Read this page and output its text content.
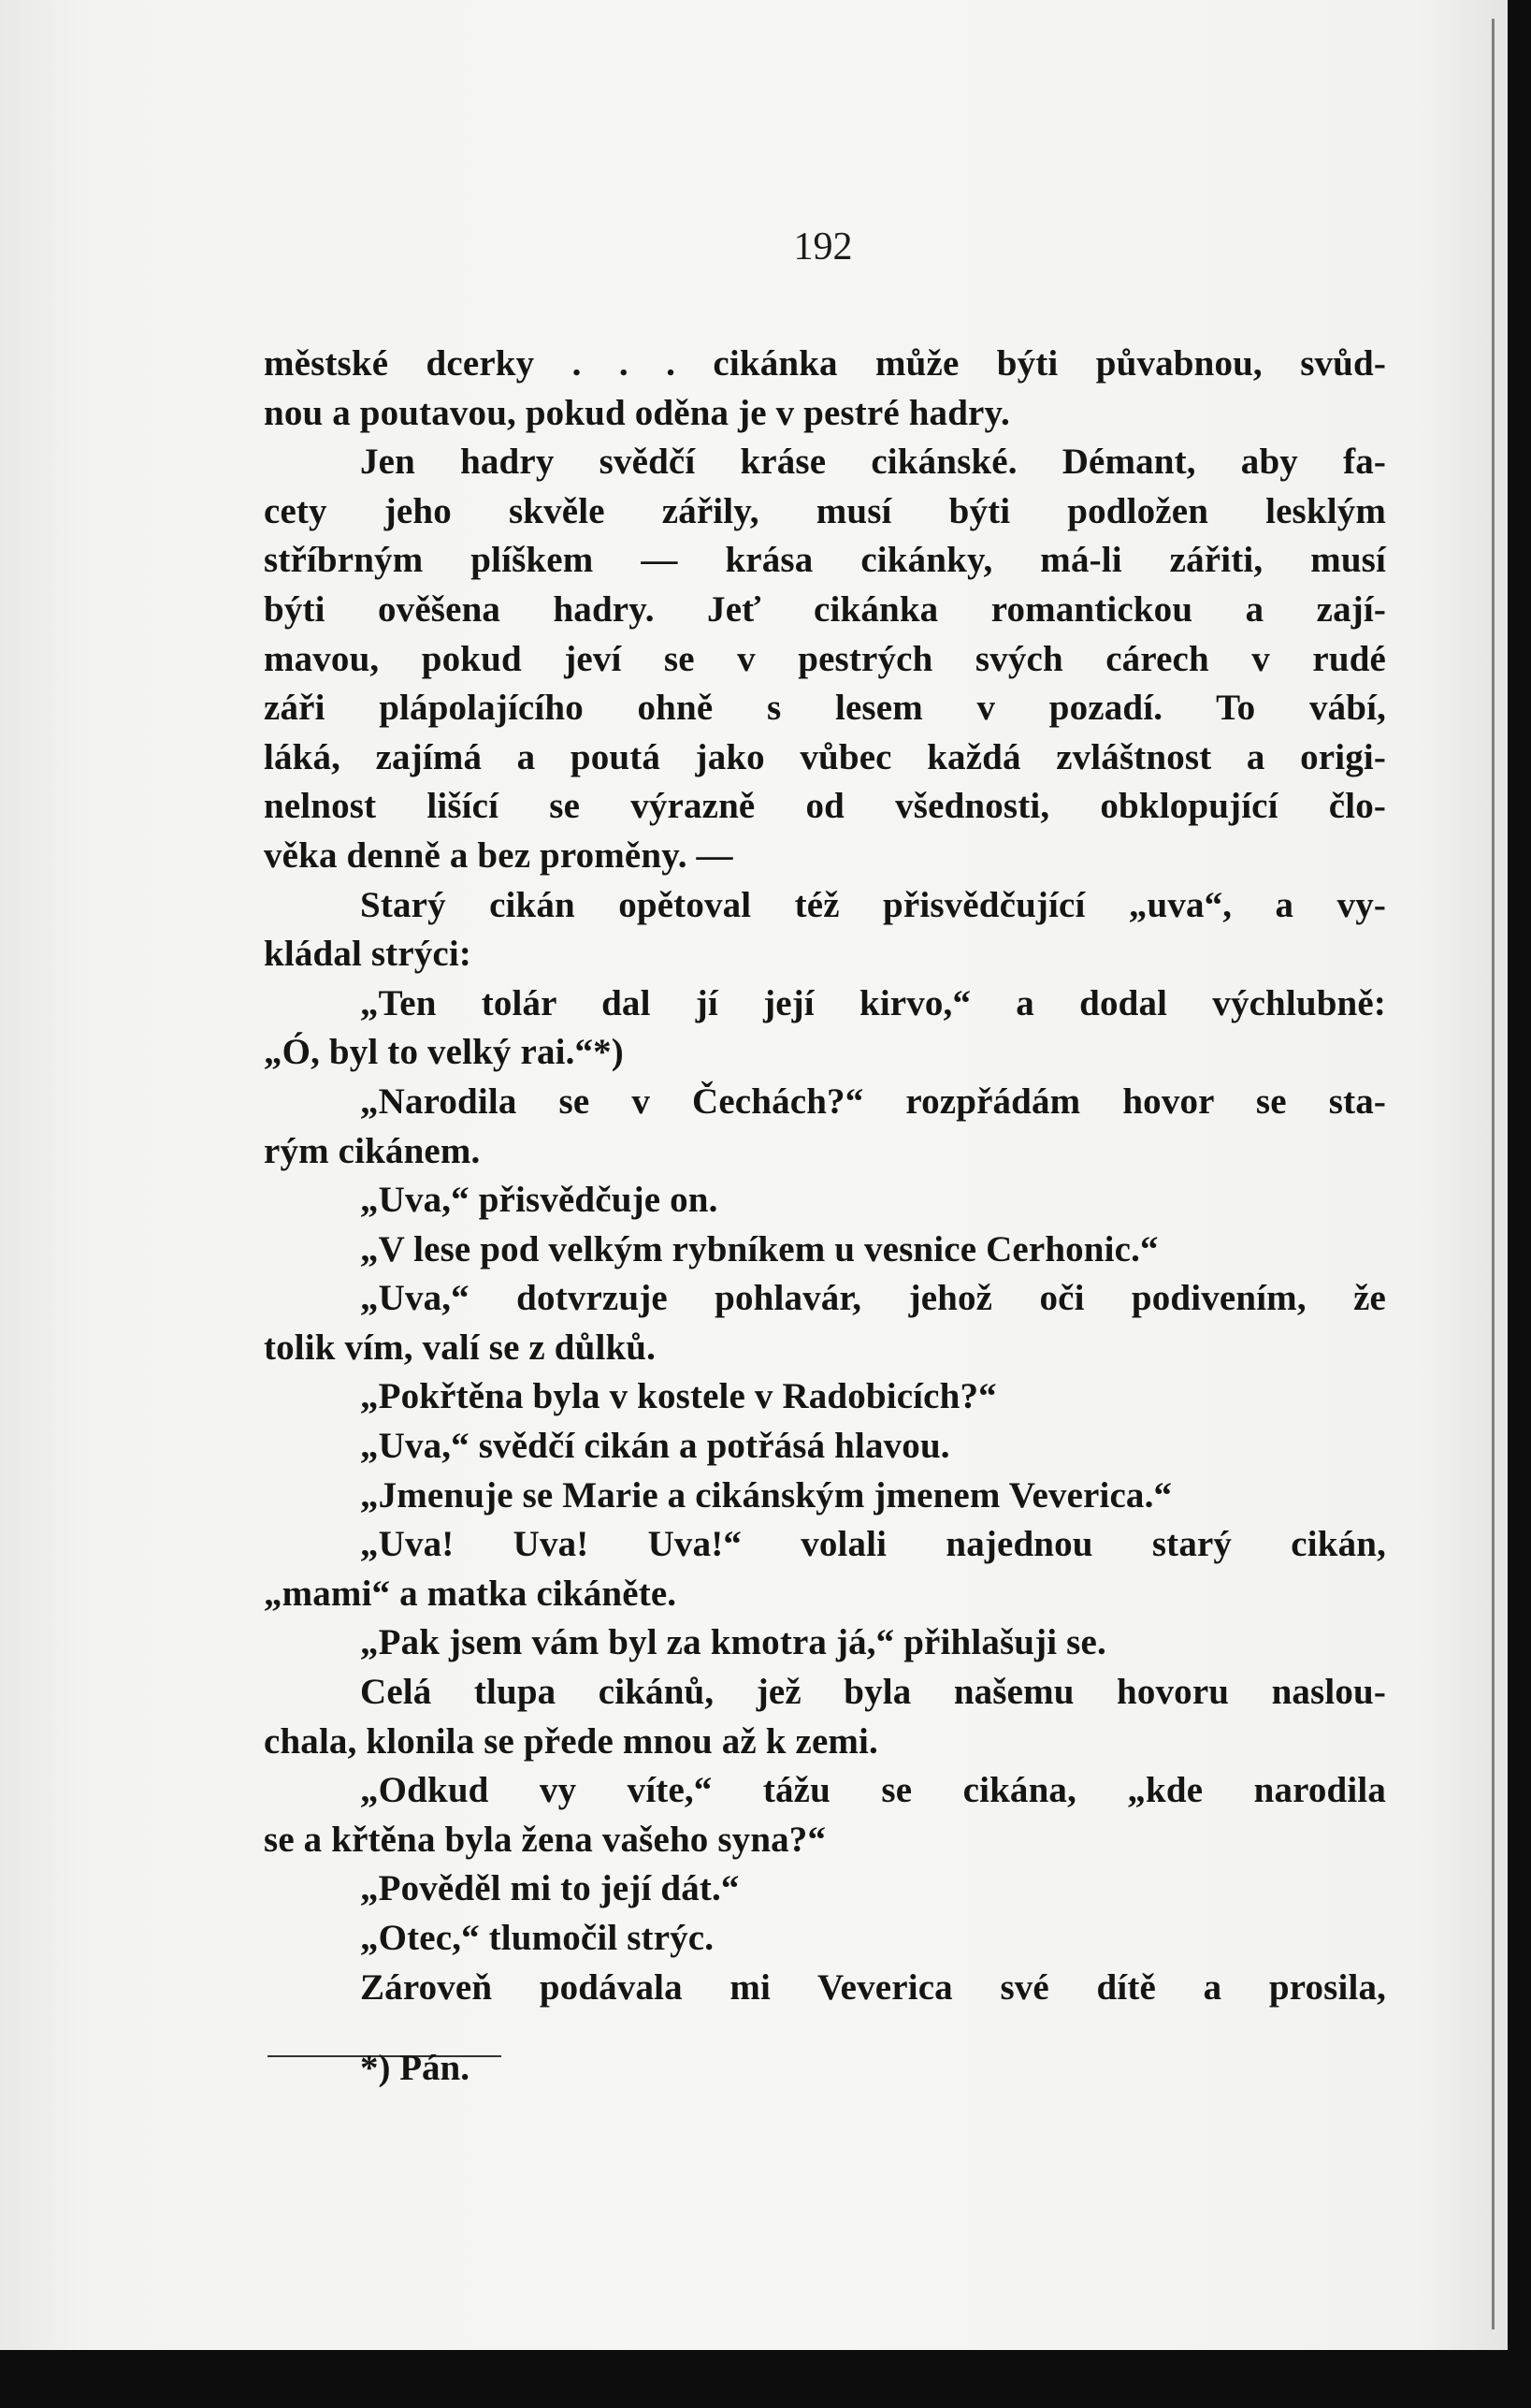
192
městské dcerky . . . cikánka může býti půvabnou, svůd-
nou a poutavou, pokud oděna je v pestré hadry.
Jen hadry svědčí kráse cikánské. Démant, aby fa-
cety jeho skvěle zářily, musí býti podložen lesklým
stříbrným plíškem — krása cikánky, má-li zářiti, musí
býti ověšena hadry. Jeť cikánka romantickou a zají-
mavou, pokud jeví se v pestrých svých cárech v rudé
záři plápolajícího ohně s lesem v pozadí. To vábí,
láká, zajímá a poutá jako vůbec každá zvláštnost a origi-
nelnost lišící se výrazně od všednosti, obklopující člo-
věka denně a bez proměny. —
Starý cikán opětoval též přisvědčující „uva“, a vy-
kládal strýci:
„Ten tolár dal jí její kirvo,“ a dodal výchlubně:
„Ó, byl to velký rai.“*)
„Narodila se v Čechách?“ rozpřádám hovor se sta-
rým cikánem.
„Uva,“ přisvědčuje on.
„V lese pod velkým rybníkem u vesnice Cerhonic.“
„Uva,“ dotvrzuje pohlavár, jehož oči podivením, že
tolik vím, valí se z důlků.
„Pokřtěna byla v kostele v Radobicích?“
„Uva,“ svědčí cikán a potřásá hlavou.
„Jmenuje se Marie a cikánským jmenem Veverica.“
„Uva! Uva! Uva!“ volali najednou starý cikán,
„mami“ a matka cikáněte.
„Pak jsem vám byl za kmotra já,“ přihlašuji se.
Celá tlupa cikánů, jež byla našemu hovoru naslou-
chala, klonila se přede mnou až k zemi.
„Odkud vy víte,“ tážu se cikána, „kde narodila
se a křtěna byla žena vašeho syna?“
„Pověděl mi to její dát.“
„Otec,“ tlumočil strýc.
Zároveň podávala mi Veverica své dítě a prosila,
*) Pán.
